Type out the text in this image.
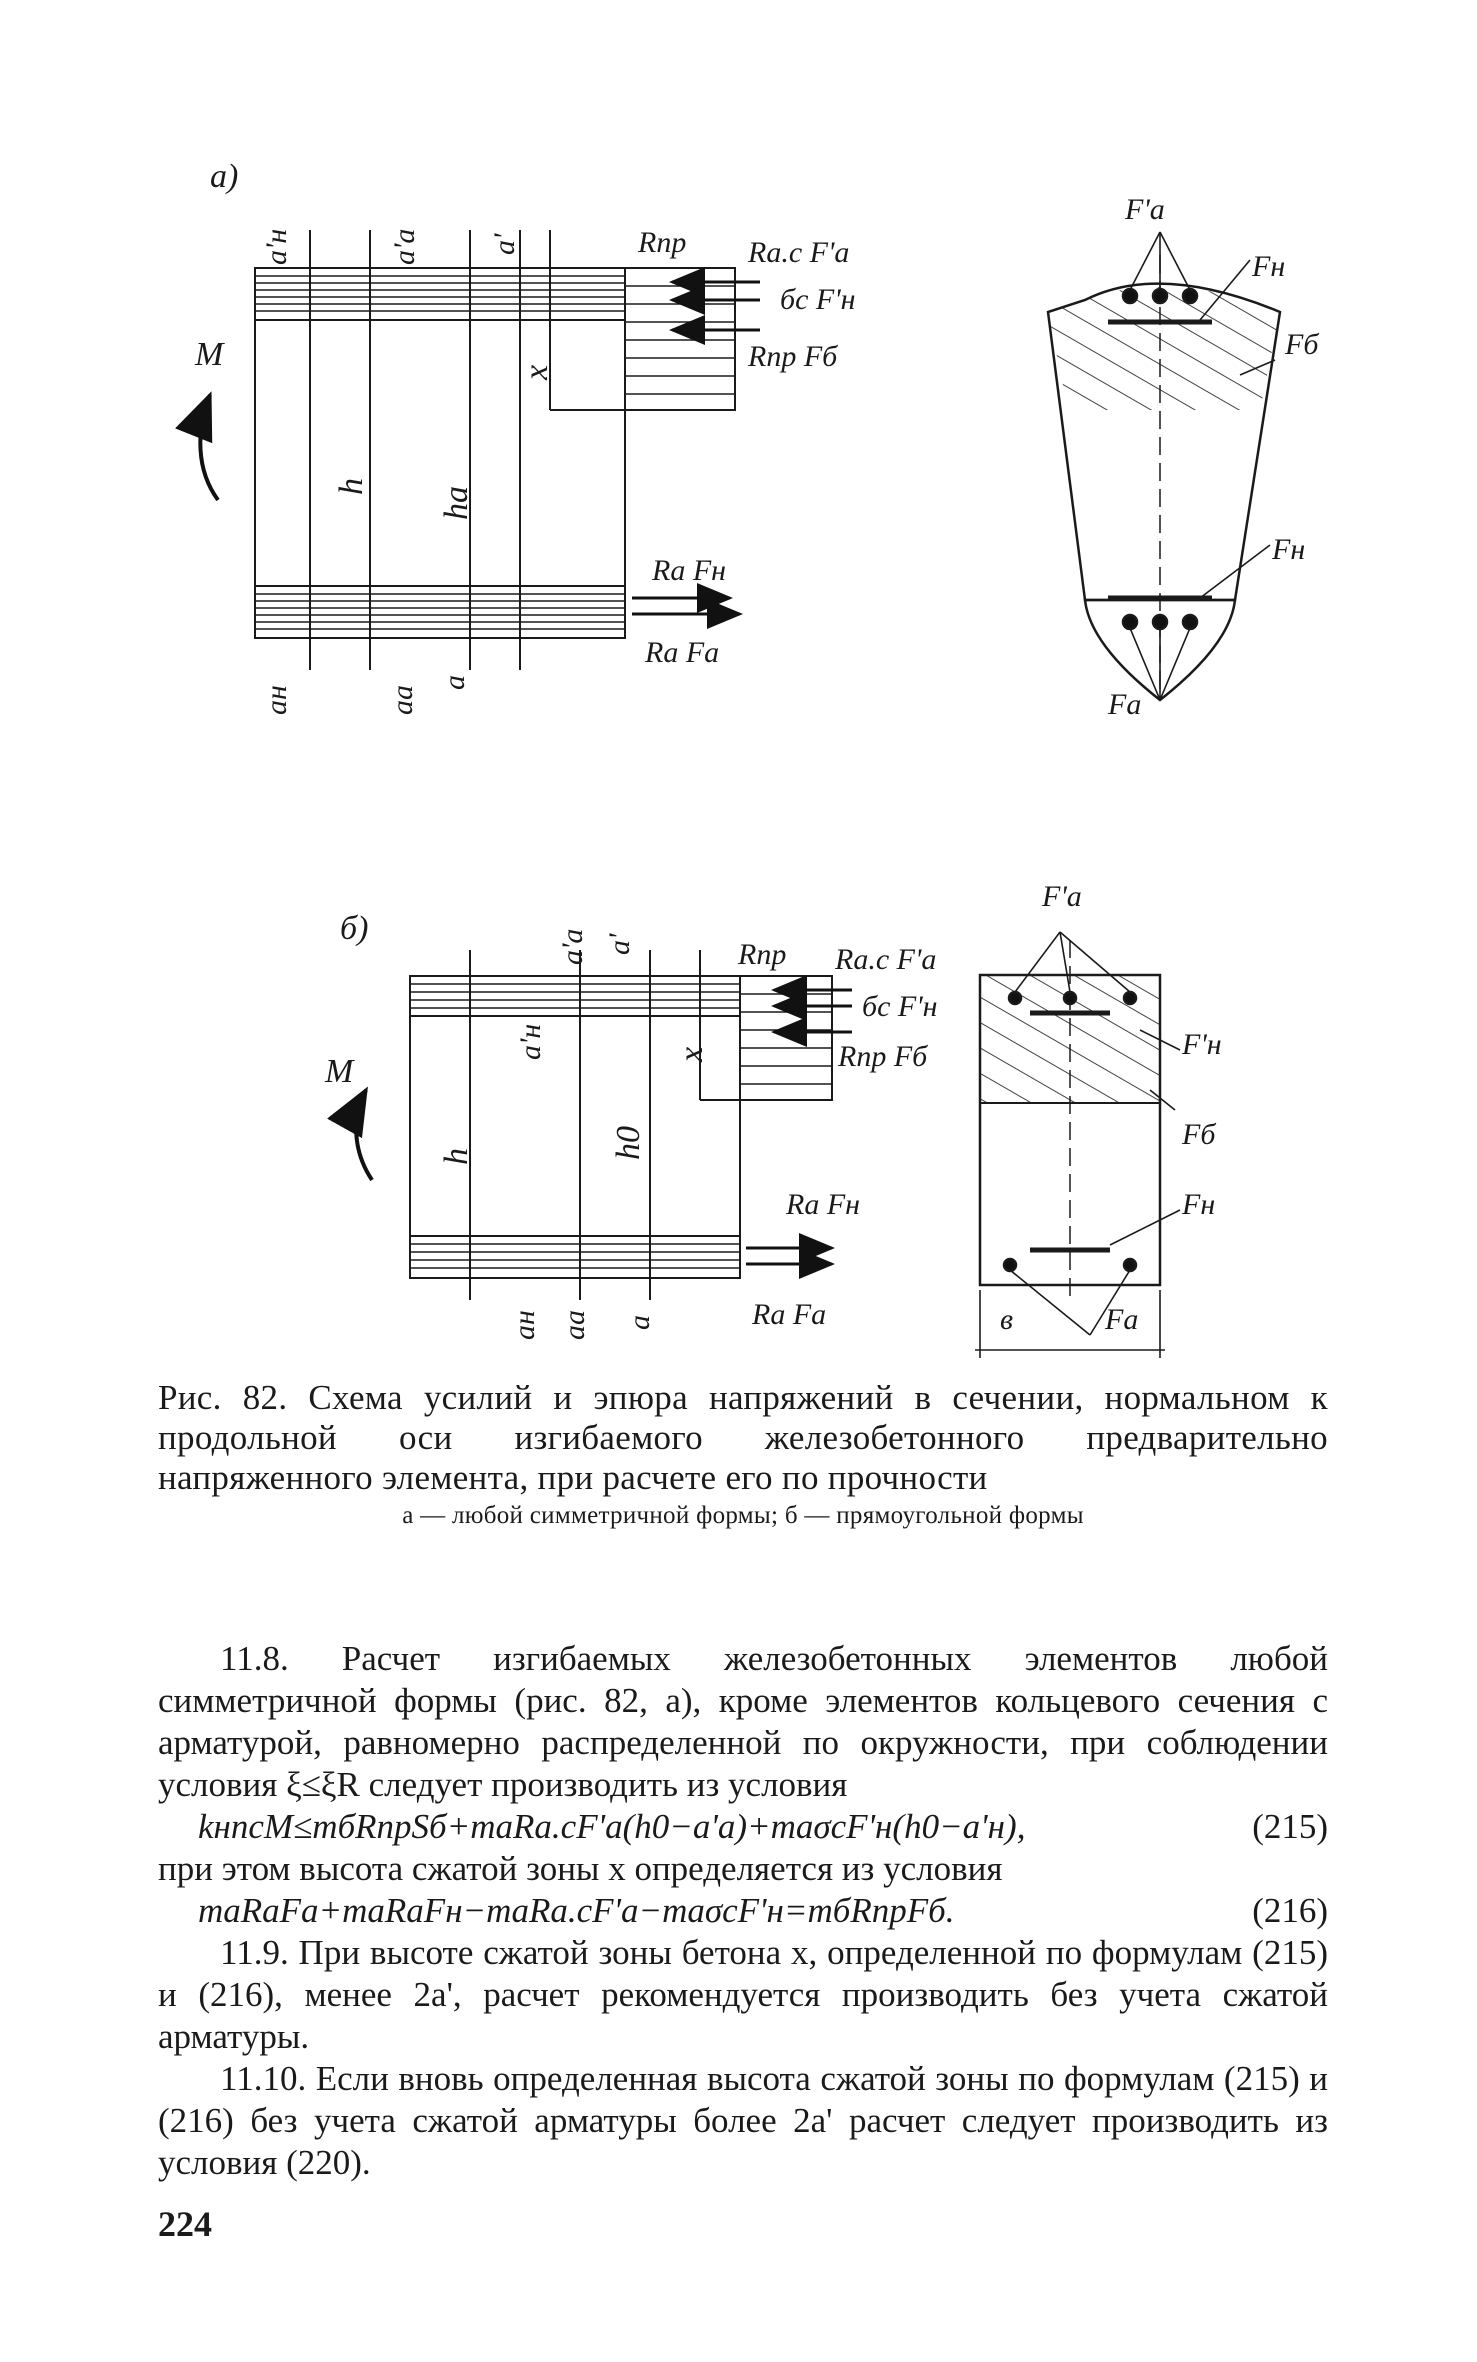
а)
M
a'н	a'a a'
x
h ha
aн	aa
a
Rпр Ra.c F'a
бc F'н
Rпр Fб
Ra Fн
Ra Fa
F'a
Fн
Fб
Fн
Fa
б)
M
a'a a'
a'н	x
h	h0
aн aa a
Rпр Ra.c F'a
бc F'н
Rпр Fб
Ra Fн
Ra Fa
F'a
F'н
Fб
Fн
в	Fa
Рис. 82. Схема усилий и эпюра напряжений в сечении, нормальном к продольной оси изгибаемого железобетонного предварительно напряженного элемента, при расчете его по прочности
а — любой симметричной формы; б — прямоугольной формы

11.8. Расчет изгибаемых железобетонных элементов любой симметричной формы (рис. 82, а), кроме элементов кольцевого сечения с арматурой, равномерно распределенной по окружности, при соблюдении условия ξ≤ξR следует производить из условия

kнnсM≤mбRпрSб+mаRа.сF'а(h0−a'а)+mаσсF'н(h0−a'н),	(215)

при этом высота сжатой зоны x определяется из условия

mаRаFа+mаRаFн−mаRа.сF'а−mаσсF'н=mбRпрFб.	(216)

11.9. При высоте сжатой зоны бетона x, определенной по формулам (215) и (216), менее 2a', расчет рекомендуется производить без учета сжатой арматуры.

11.10. Если вновь определенная высота сжатой зоны по формулам (215) и (216) без учета сжатой арматуры более 2a' расчет следует производить из условия (220).

224
